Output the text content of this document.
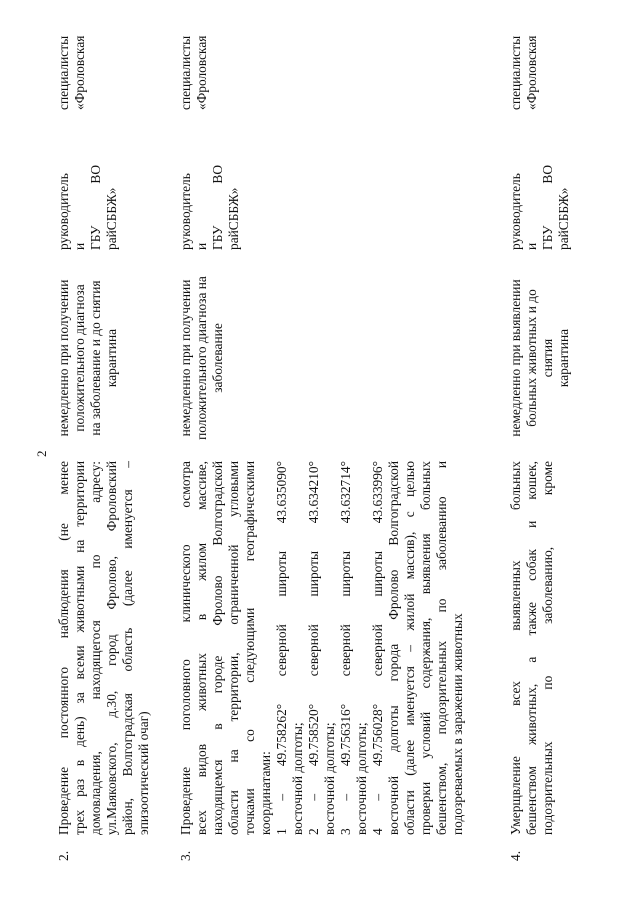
2
2.
Проведение постоянного наблюдения (не менее трех раз в день) за всеми животными на территории домовладения, находящегося по адресу: ул.Маяковского, д.30, город Фролово, Фроловский район, Волгоградская область (далее именуется – эпизоотический очаг)
немедленно при получении положительного диагноза на заболевание и до снятия карантина
руководитель и ГБУ ВО райСББЖ»
специалисты «Фроловская
3.
Проведение поголовного клинического осмотра всех видов животных в жилом массиве, находящемся в городе Фролово Волгоградской области на территории, ограниченной угловыми точками со следующими географическими координатами: 1 – 49.758262° северной широты 43.635090° восточной долготы; 2 – 49.758520° северной широты 43.634210° восточной долготы; 3 – 49.756316° северной широты 43.632714° восточной долготы; 4 – 49.756028° северной широты 43.633996° восточной долготы города Фролово Волгоградской области (далее именуется – жилой массив), с целью проверки условий содержания, выявления больных бешенством, подозрительных по заболеванию и подозреваемых в заражении животных
немедленно при получении положительного диагноза на заболевание
руководитель и ГБУ ВО райСББЖ»
специалисты «Фроловская
4.
Умерщвление всех выявленных больных бешенством животных, а также собак и кошек, подозрительных по заболеванию, кроме
немедленно при выявлении больных животных и до снятия карантина
руководитель и ГБУ ВО райСББЖ»
специалисты «Фроловская
